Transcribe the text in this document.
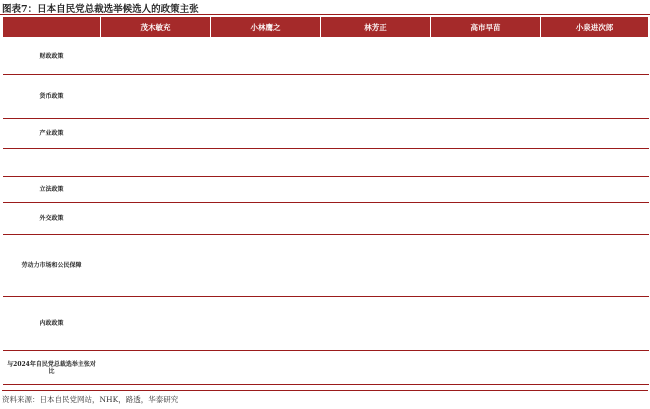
图表7：日本自民党总裁选举候选人的政策主张
	茂木敏充	小林鹰之	林芳正	高市早苗	小泉进次郎
财政政策					
货币政策					
产业政策					

立法政策					
外交政策					
劳动力市场和公民保障					
内政政策					
与2024年自民党总裁选举主张对比					
资料来源：日本自民党网站，NHK，路透，华泰研究
